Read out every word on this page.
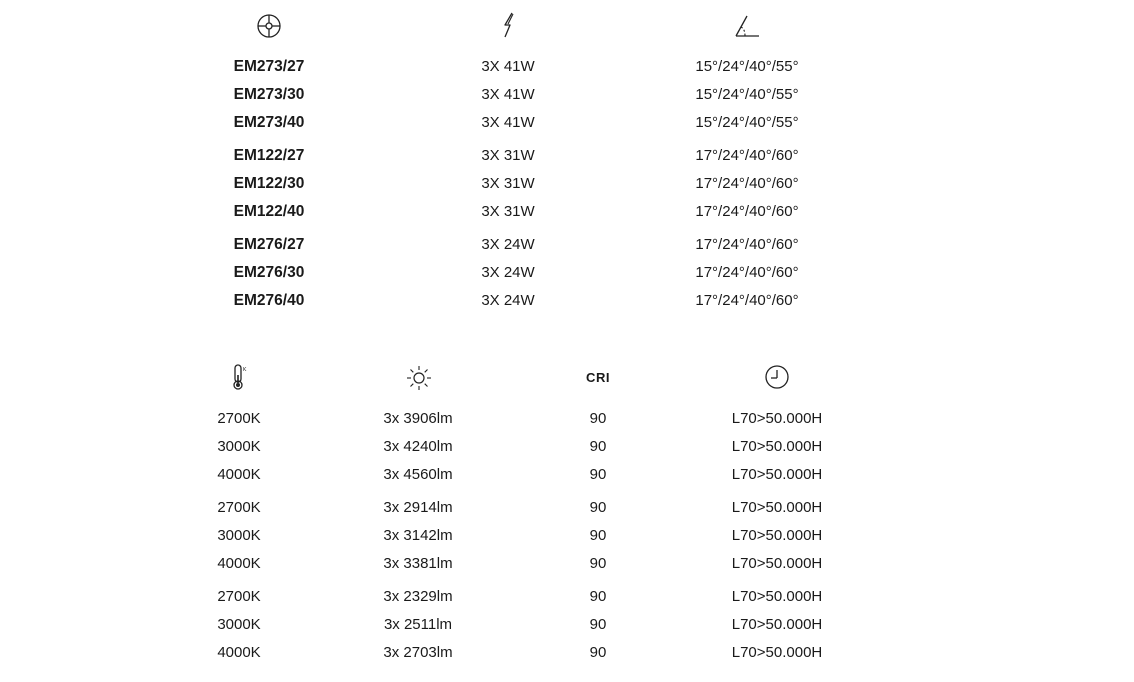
EM273/27	3X 41W	15°/24°/40°/55°
EM273/30	3X 41W	15°/24°/40°/55°
EM273/40	3X 41W	15°/24°/40°/55°
EM122/27	3X 31W	17°/24°/40°/60°
EM122/30	3X 31W	17°/24°/40°/60°
EM122/40	3X 31W	17°/24°/40°/60°
EM276/27	3X 24W	17°/24°/40°/60°
EM276/30	3X 24W	17°/24°/40°/60°
EM276/40	3X 24W	17°/24°/40°/60°
K	CRI
2700K	3x 3906lm	90	L70>50.000H
3000K	3x 4240lm	90	L70>50.000H
4000K	3x 4560lm	90	L70>50.000H
2700K	3x 2914lm	90	L70>50.000H
3000K	3x 3142lm	90	L70>50.000H
4000K	3x 3381lm	90	L70>50.000H
2700K	3x 2329lm	90	L70>50.000H
3000K	3x 2511lm	90	L70>50.000H
4000K	3x 2703lm	90	L70>50.000H
